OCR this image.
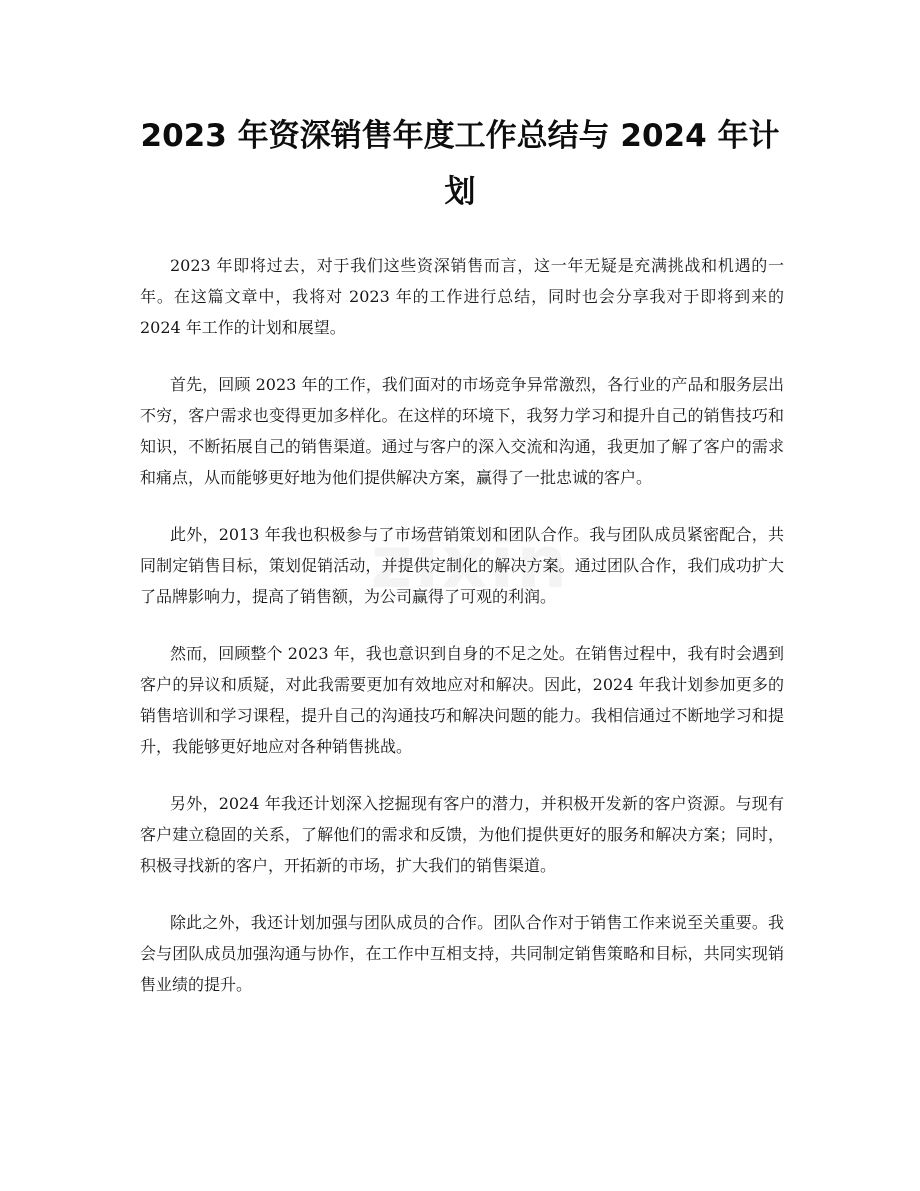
2023 年资深销售年度工作总结与 2024 年计划

2023 年即将过去，对于我们这些资深销售而言，这一年无疑是充满挑战和机遇的一年。在这篇文章中，我将对 2023 年的工作进行总结，同时也会分享我对于即将到来的 2024 年工作的计划和展望。

首先，回顾 2023 年的工作，我们面对的市场竞争异常激烈，各行业的产品和服务层出不穷，客户需求也变得更加多样化。在这样的环境下，我努力学习和提升自己的销售技巧和知识，不断拓展自己的销售渠道。通过与客户的深入交流和沟通，我更加了解了客户的需求和痛点，从而能够更好地为他们提供解决方案，赢得了一批忠诚的客户。

此外，2013 年我也积极参与了市场营销策划和团队合作。我与团队成员紧密配合，共同制定销售目标，策划促销活动，并提供定制化的解决方案。通过团队合作，我们成功扩大了品牌影响力，提高了销售额，为公司赢得了可观的利润。

然而，回顾整个 2023 年，我也意识到自身的不足之处。在销售过程中，我有时会遇到客户的异议和质疑，对此我需要更加有效地应对和解决。因此，2024 年我计划参加更多的销售培训和学习课程，提升自己的沟通技巧和解决问题的能力。我相信通过不断地学习和提升，我能够更好地应对各种销售挑战。

另外，2024 年我还计划深入挖掘现有客户的潜力，并积极开发新的客户资源。与现有客户建立稳固的关系，了解他们的需求和反馈，为他们提供更好的服务和解决方案；同时，积极寻找新的客户，开拓新的市场，扩大我们的销售渠道。

除此之外，我还计划加强与团队成员的合作。团队合作对于销售工作来说至关重要。我会与团队成员加强沟通与协作，在工作中互相支持，共同制定销售策略和目标，共同实现销售业绩的提升。
